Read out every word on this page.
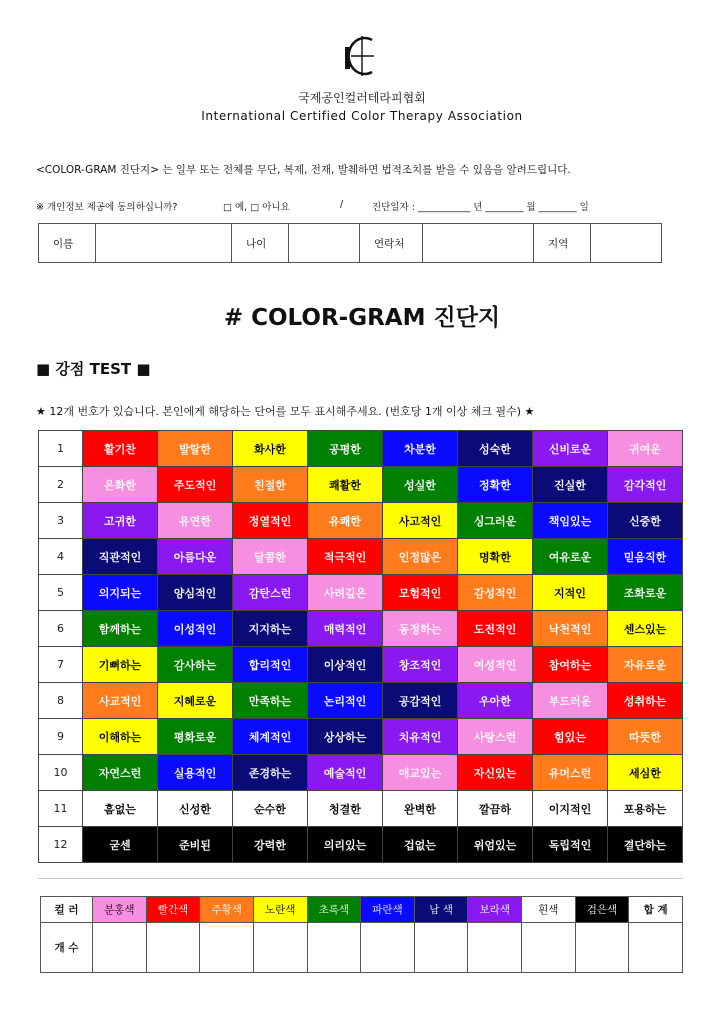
국제공인컬러테라피협회
International Certified Color Therapy Association
<COLOR-GRAM 진단지> 는 일부 또는 전체를 무단, 복제, 전재, 발췌하면 법적조치를 받을 수 있음을 알려드립니다.
※ 개인정보 제공에 동의하십니까?	□ 예, □ 아니요	/	진단일자 : ___________ 년 ________ 월 ________ 일
이름		나이		연락처		지역	
# COLOR-GRAM 진단지
■ 강점 TEST ■
★ 12개 번호가 있습니다. 본인에게 해당하는 단어를 모두 표시해주세요. (번호당 1개 이상 체크 필수) ★
1	활기찬	발랄한	화사한	공평한	차분한	성숙한	신비로운	귀여운
2	온화한	주도적인	친절한	쾌활한	성실한	정확한	진실한	감각적인
3	고귀한	유연한	정열적인	유쾌한	사고적인	싱그러운	책임있는	신중한
4	직관적인	아름다운	달콤한	적극적인	인정많은	명확한	여유로운	믿음직한
5	의지되는	양심적인	감탄스런	사려깊은	모험적인	감성적인	지적인	조화로운
6	함께하는	이성적인	지지하는	매력적인	동정하는	도전적인	낙천적인	센스있는
7	기뻐하는	감사하는	합리적인	이상적인	창조적인	여성적인	참여하는	자유로운
8	사교적인	지혜로운	만족하는	논리적인	공감적인	우아한	부드러운	성취하는
9	이해하는	평화로운	체계적인	상상하는	치유적인	사랑스런	힘있는	따뜻한
10	자연스런	실용적인	존경하는	예술적인	애교있는	자신있는	유머스런	세심한
11	흠없는	신성한	순수한	청결한	완벽한	깔끔하	이지적인	포용하는
12	굳센	준비된	강력한	의리있는	겁없는	위엄있는	독립적인	결단하는
컬 러	분홍색	빨간색	주황색	노란색	초록색	파란색	남 색	보라색	흰색	검은색	합 계
개 수											
